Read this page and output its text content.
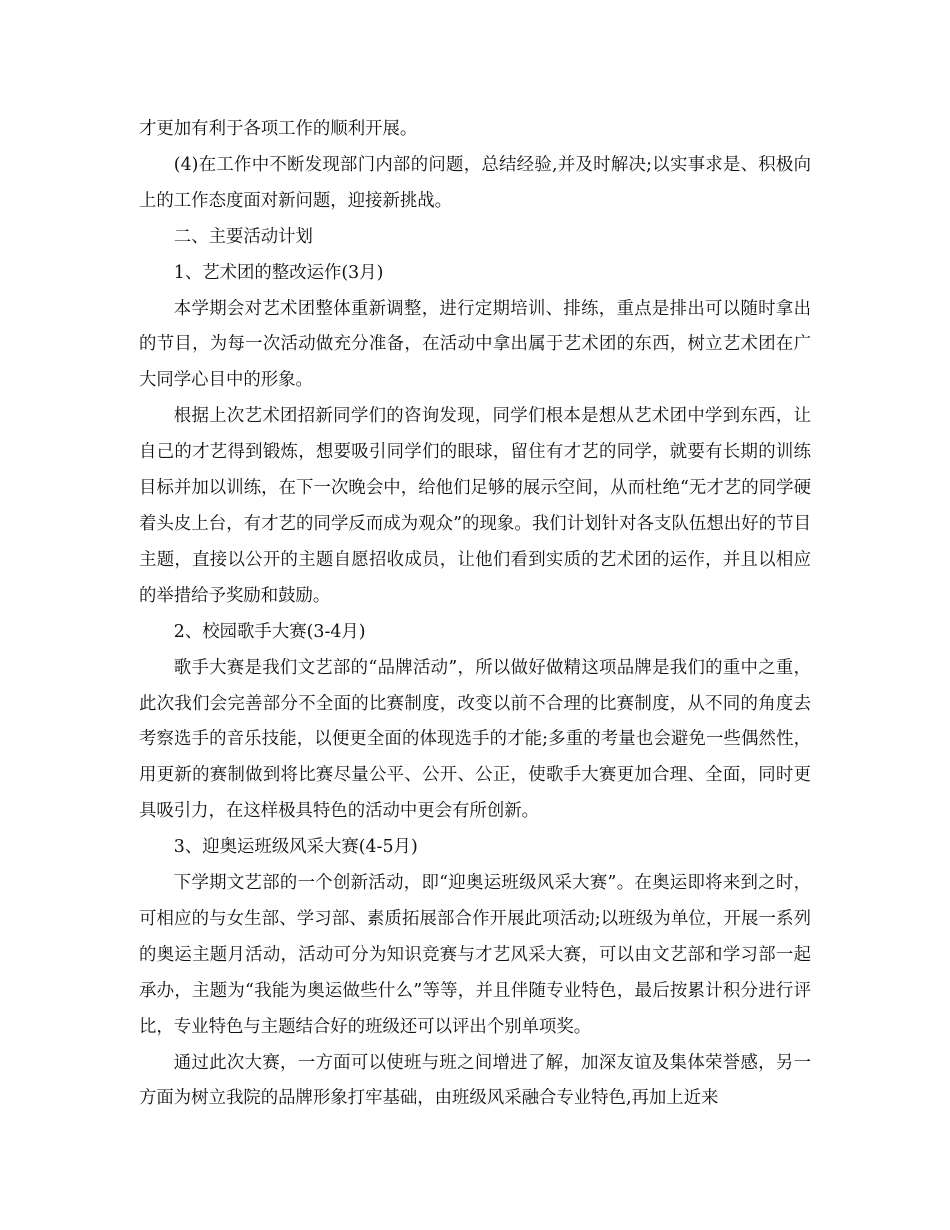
才更加有利于各项工作的顺利开展。

(4)在工作中不断发现部门内部的问题，总结经验,并及时解决;以实事求是、积极向上的工作态度面对新问题，迎接新挑战。

二、主要活动计划

1、艺术团的整改运作(3月)

本学期会对艺术团整体重新调整，进行定期培训、排练，重点是排出可以随时拿出的节目，为每一次活动做充分准备，在活动中拿出属于艺术团的东西，树立艺术团在广大同学心目中的形象。

根据上次艺术团招新同学们的咨询发现，同学们根本是想从艺术团中学到东西，让自己的才艺得到锻炼，想要吸引同学们的眼球，留住有才艺的同学，就要有长期的训练目标并加以训练，在下一次晚会中，给他们足够的展示空间，从而杜绝“无才艺的同学硬着头皮上台，有才艺的同学反而成为观众”的现象。我们计划针对各支队伍想出好的节目主题，直接以公开的主题自愿招收成员，让他们看到实质的艺术团的运作，并且以相应的举措给予奖励和鼓励。

2、校园歌手大赛(3-4月)

歌手大赛是我们文艺部的“品牌活动”，所以做好做精这项品牌是我们的重中之重，此次我们会完善部分不全面的比赛制度，改变以前不合理的比赛制度，从不同的角度去考察选手的音乐技能，以便更全面的体现选手的才能;多重的考量也会避免一些偶然性，用更新的赛制做到将比赛尽量公平、公开、公正，使歌手大赛更加合理、全面，同时更具吸引力，在这样极具特色的活动中更会有所创新。

3、迎奥运班级风采大赛(4-5月)

下学期文艺部的一个创新活动，即“迎奥运班级风采大赛”。在奥运即将来到之时，可相应的与女生部、学习部、素质拓展部合作开展此项活动;以班级为单位，开展一系列的奥运主题月活动，活动可分为知识竞赛与才艺风采大赛，可以由文艺部和学习部一起承办，主题为“我能为奥运做些什么”等等，并且伴随专业特色，最后按累计积分进行评比，专业特色与主题结合好的班级还可以评出个别单项奖。

通过此次大赛，一方面可以使班与班之间增进了解，加深友谊及集体荣誉感，另一方面为树立我院的品牌形象打牢基础，由班级风采融合专业特色,再加上近来
